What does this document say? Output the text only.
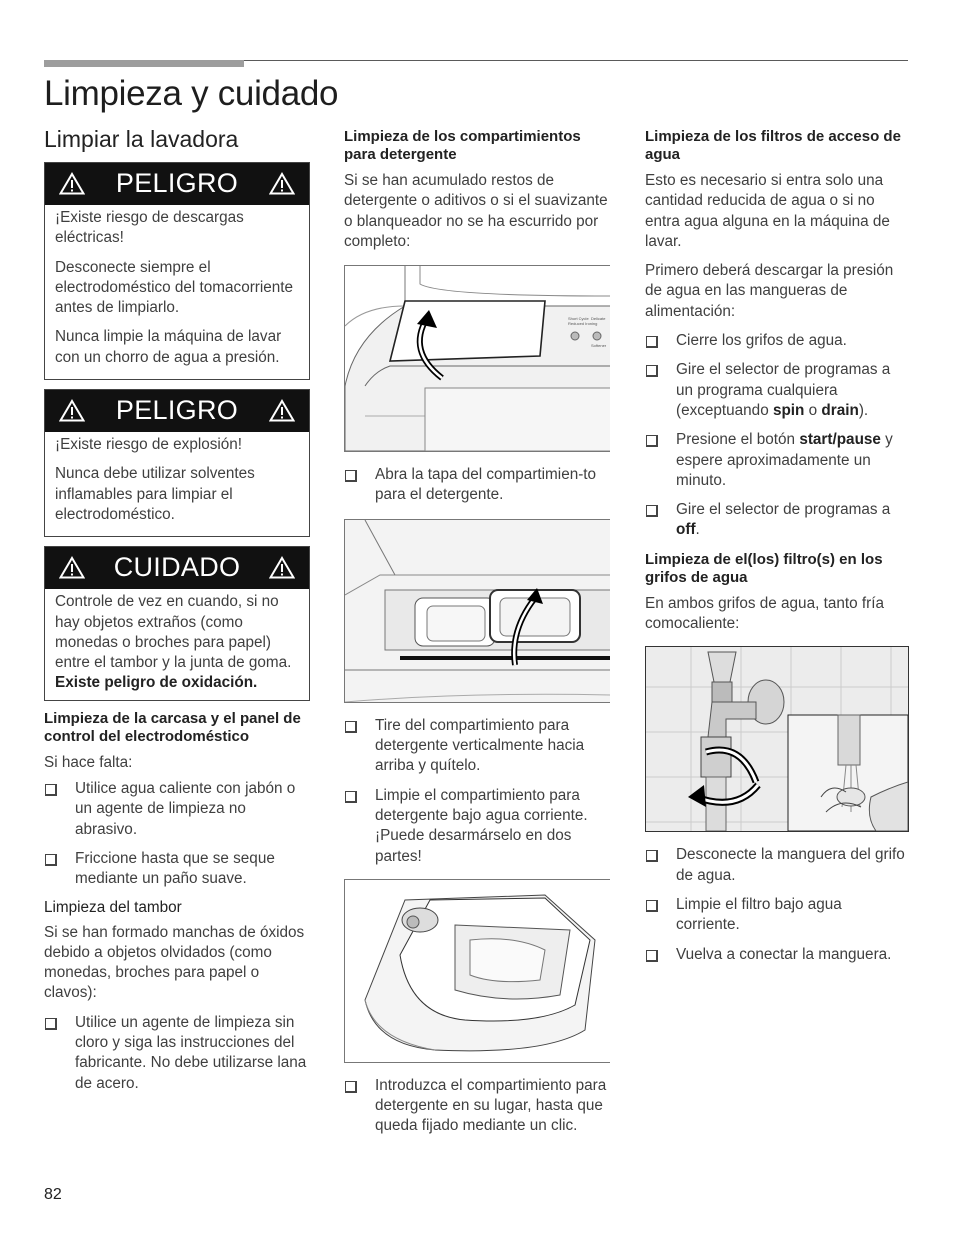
Limpieza y cuidado
Limpiar la lavadora
PELIGRO

¡Existe riesgo de descargas eléctricas!

Desconecte siempre el electrodoméstico del tomacorriente antes de limpiarlo.

Nunca limpie la máquina de lavar con un chorro de agua a presión.

PELIGRO

¡Existe riesgo de explosión!

Nunca debe utilizar solventes inflamables para limpiar el electrodoméstico.

CUIDADO

Controle de vez en cuando, si no hay objetos extraños (como monedas o broches para papel) entre el tambor y la junta de goma. Existe peligro de oxidación.

Limpieza de la carcasa y el panel de control del electrodoméstico

Si hace falta:

Utilice agua caliente con jabón o un agente de limpieza no abrasivo.
Friccione hasta que se seque mediante un paño suave.
Limpieza del tambor

Si se han formado manchas de óxidos debido a objetos olvidados (como monedas, broches para papel o clavos):

Utilice un agente de limpieza sin cloro y siga las instrucciones del fabricante. No debe utilizarse lana de acero.
Limpieza de los compartimientos para detergente

Si se han acumulado restos de detergente o aditivos o si el suavizante o blanqueador no se ha escurrido por completo:

Short Cycle
Reduced Ironing
Delicate
Softener
Abra la tapa del compartimien-to para el detergente.
Tire del compartimiento para detergente verticalmente hacia arriba y quítelo.
Limpie el compartimiento para detergente bajo agua corriente. ¡Puede desarmárselo en dos partes!
Introduzca el compartimiento para detergente en su lugar, hasta que queda fijado mediante un clic.
Limpieza de los filtros de acceso de agua

Esto es necesario si entra solo una cantidad reducida de agua o si no entra agua alguna en la máquina de lavar.

Primero deberá descargar la presión de agua en las mangueras de alimentación:

Cierre los grifos de agua.
Gire el selector de programas a un programa cualquiera (exceptuando spin o drain).
Presione el botón start/pause y espere aproximadamente un minuto.
Gire el selector de programas a off.
Limpieza de el(los) filtro(s) en los grifos de agua

En ambos grifos de agua, tanto fría comocaliente:

Desconecte la manguera del grifo de agua.
Limpie el filtro bajo agua corriente.
Vuelva a conectar la manguera.
82
